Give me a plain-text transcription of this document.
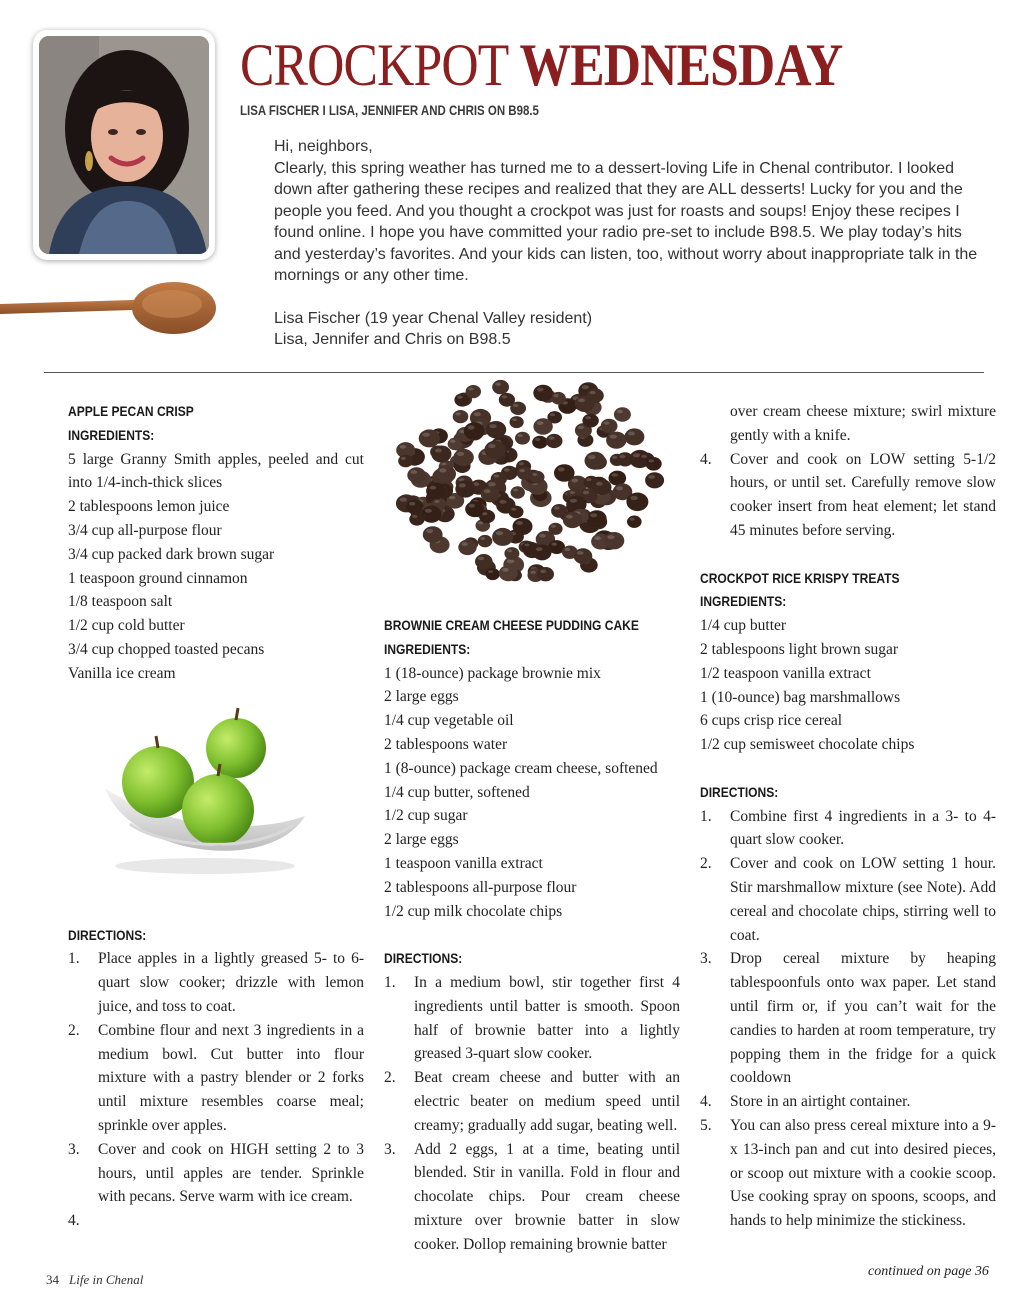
CROCKPOT WEDNESDAY
LISA FISCHER I LISA, JENNIFER AND CHRIS ON B98.5

Hi, neighbors,

Clearly, this spring weather has turned me to a dessert-loving Life in Chenal contributor. I looked down after gathering these recipes and realized that they are ALL desserts! Lucky for you and the people you feed. And you thought a crockpot was just for roasts and soups! Enjoy these recipes I found online. I hope you have committed your radio pre-set to include B98.5. We play today’s hits and yesterday’s favorites. And your kids can listen, too, without worry about inappropriate talk in the mornings or any other time.

Lisa Fischer (19 year Chenal Valley resident)

Lisa, Jennifer and Chris on B98.5

APPLE PECAN CRISP
INGREDIENTS:
5 large Granny Smith apples, peeled and cut into 1/4-inch-thick slices
2 tablespoons lemon juice
3/4 cup all-purpose flour
3/4 cup packed dark brown sugar
1 teaspoon ground cinnamon
1/8 teaspoon salt
1/2 cup cold butter
3/4 cup chopped toasted pecans
Vanilla ice cream
DIRECTIONS:
1. Place apples in a lightly greased 5- to 6-quart slow cooker; drizzle with lemon juice, and toss to coat.
2. Combine flour and next 3 ingredients in a medium bowl. Cut butter into flour mixture with a pastry blender or 2 forks until mixture resembles coarse meal; sprinkle over apples.
3. Cover and cook on HIGH setting 2 to 3 hours, until apples are tender. Sprinkle with pecans. Serve warm with ice cream.
4.
BROWNIE CREAM CHEESE PUDDING CAKE
INGREDIENTS:
1 (18-ounce) package brownie mix
2 large eggs
1/4 cup vegetable oil
2 tablespoons water
1 (8-ounce) package cream cheese, softened
1/4 cup butter, softened
1/2 cup sugar
2 large eggs
1 teaspoon vanilla extract
2 tablespoons all-purpose flour
1/2 cup milk chocolate chips
DIRECTIONS:
1. In a medium bowl, stir together first 4 ingredients until batter is smooth. Spoon half of brownie batter into a lightly greased 3-quart slow cooker.
2. Beat cream cheese and butter with an electric beater on medium speed until creamy; gradually add sugar, beating well.
3. Add 2 eggs, 1 at a time, beating until blended. Stir in vanilla. Fold in flour and chocolate chips. Pour cream cheese mixture over brownie batter in slow cooker. Dollop remaining brownie batter
over cream cheese mixture; swirl mixture gently with a knife.
4. Cover and cook on LOW setting 5-1/2 hours, or until set. Carefully remove slow cooker insert from heat element; let stand 45 minutes before serving.
CROCKPOT RICE KRISPY TREATS
INGREDIENTS:
1/4 cup butter
2 tablespoons light brown sugar
1/2 teaspoon vanilla extract
1 (10-ounce) bag marshmallows
6 cups crisp rice cereal
1/2 cup semisweet chocolate chips
DIRECTIONS:
1. Combine first 4 ingredients in a 3- to 4-quart slow cooker.
2. Cover and cook on LOW setting 1 hour. Stir marshmallow mixture (see Note). Add cereal and chocolate chips, stirring well to coat.
3. Drop cereal mixture by heaping tablespoonfuls onto wax paper. Let stand until firm or, if you can’t wait for the candies to harden at room temperature, try popping them in the fridge for a quick cooldown
4. Store in an airtight container.
5. You can also press cereal mixture into a 9- x 13-inch pan and cut into desired pieces, or scoop out mixture with a cookie scoop. Use cooking spray on spoons, scoops, and hands to help minimize the stickiness.
34 Life in Chenal
continued on page 36
